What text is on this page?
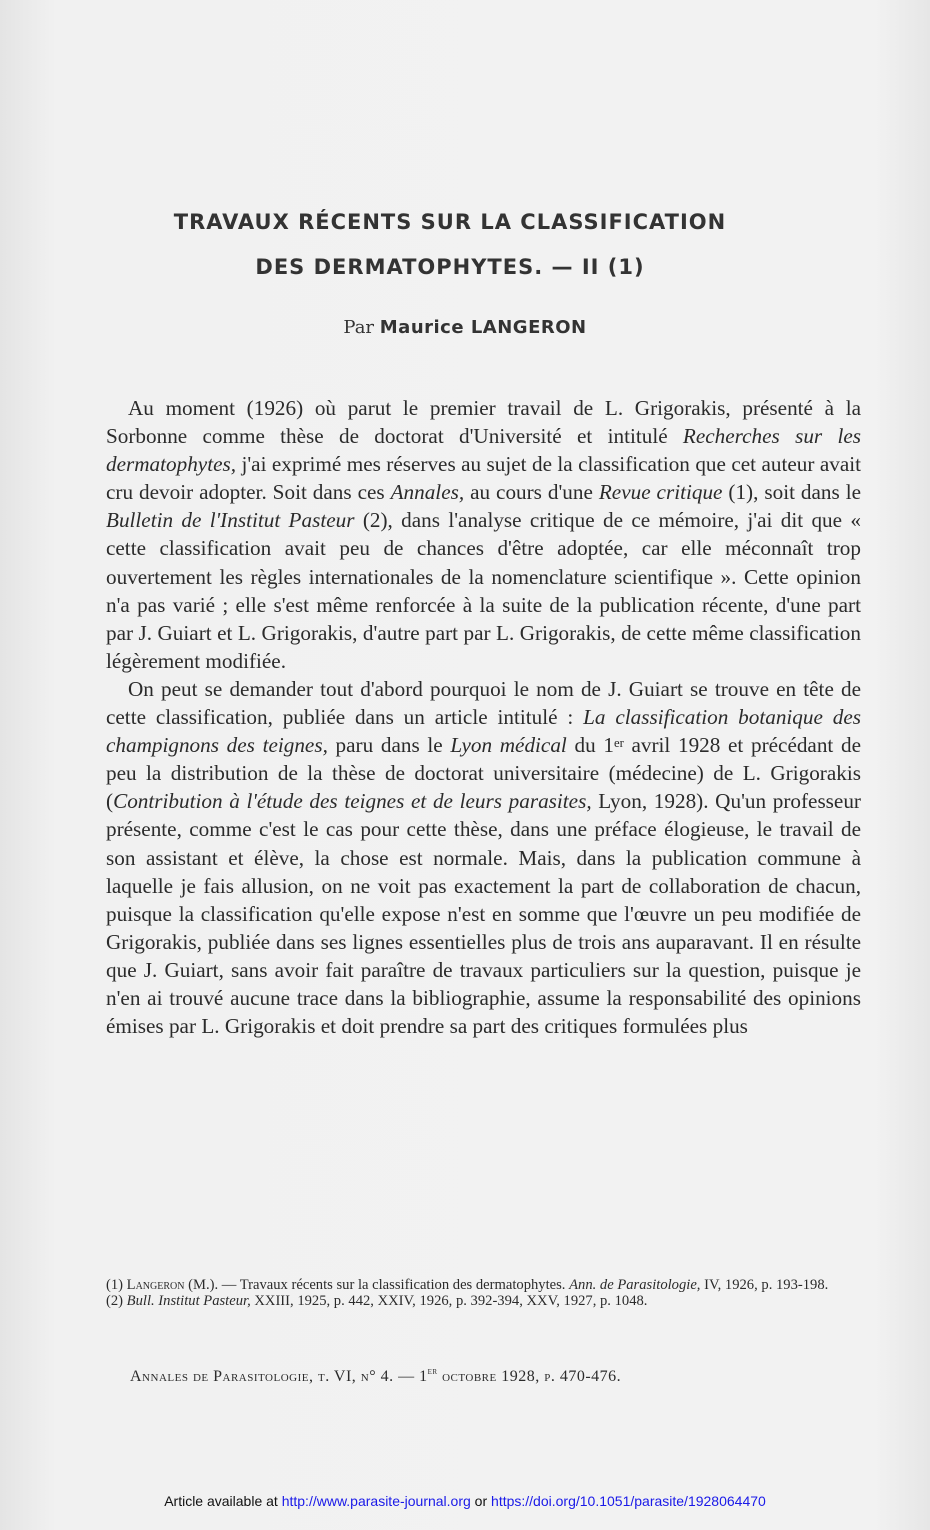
TRAVAUX RÉCENTS SUR LA CLASSIFICATION
DES DERMATOPHYTES. — II (1)
Par Maurice LANGERON

Au moment (1926) où parut le premier travail de L. Grigorakis, présenté à la Sorbonne comme thèse de doctorat d'Université et intitulé Recherches sur les dermatophytes, j'ai exprimé mes réserves au sujet de la classification que cet auteur avait cru devoir adopter. Soit dans ces Annales, au cours d'une Revue critique (1), soit dans le Bulletin de l'Institut Pasteur (2), dans l'analyse critique de ce mémoire, j'ai dit que « cette classification avait peu de chances d'être adoptée, car elle méconnaît trop ouvertement les règles internationales de la nomenclature scientifique ». Cette opinion n'a pas varié ; elle s'est même renforcée à la suite de la publication récente, d'une part par J. Guiart et L. Grigorakis, d'autre part par L. Grigorakis, de cette même classification légèrement modifiée.

On peut se demander tout d'abord pourquoi le nom de J. Guiart se trouve en tête de cette classification, publiée dans un article intitulé : La classification botanique des champignons des teignes, paru dans le Lyon médical du 1er avril 1928 et précédant de peu la distribution de la thèse de doctorat universitaire (médecine) de L. Grigorakis (Contribution à l'étude des teignes et de leurs parasites, Lyon, 1928). Qu'un professeur présente, comme c'est le cas pour cette thèse, dans une préface élogieuse, le travail de son assistant et élève, la chose est normale. Mais, dans la publication commune à laquelle je fais allusion, on ne voit pas exactement la part de collaboration de chacun, puisque la classification qu'elle expose n'est en somme que l'œuvre un peu modifiée de Grigorakis, publiée dans ses lignes essentielles plus de trois ans auparavant. Il en résulte que J. Guiart, sans avoir fait paraître de travaux particuliers sur la question, puisque je n'en ai trouvé aucune trace dans la bibliographie, assume la responsabilité des opinions émises par L. Grigorakis et doit prendre sa part des critiques formulées plus

(1) Langeron (M.). — Travaux récents sur la classification des dermatophytes. Ann. de Parasitologie, IV, 1926, p. 193-198.
(2) Bull. Institut Pasteur, XXIII, 1925, p. 442, XXIV, 1926, p. 392-394, XXV, 1927, p. 1048.
Annales de Parasitologie, t. VI, n° 4. — 1er octobre 1928, p. 470-476.
Article available at http://www.parasite-journal.org or https://doi.org/10.1051/parasite/1928064470
